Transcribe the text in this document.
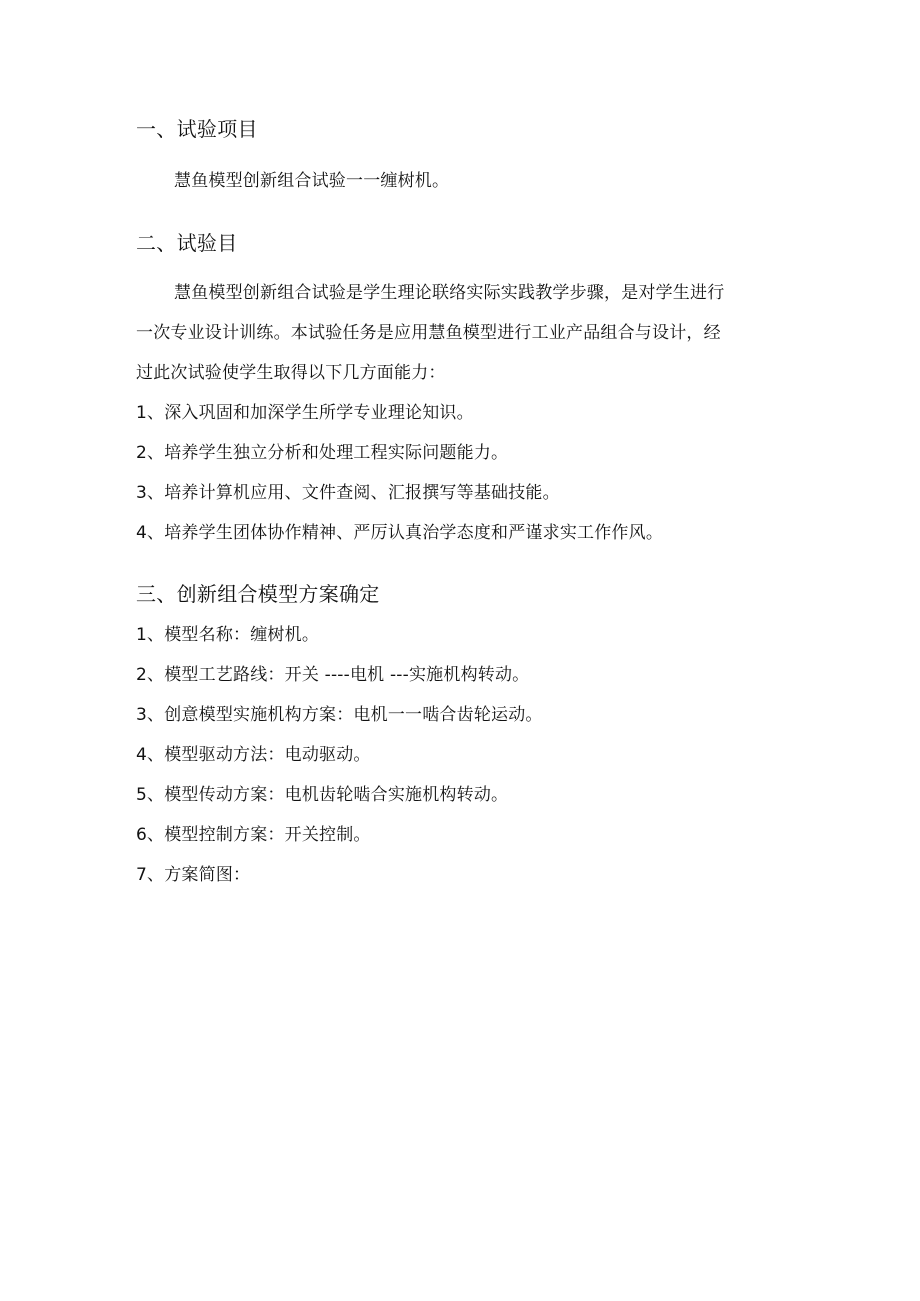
一、试验项目
慧鱼模型创新组合试验一一缠树机。
二、试验目
慧鱼模型创新组合试验是学生理论联络实际实践教学步骤，是对学生进行
一次专业设计训练。本试验任务是应用慧鱼模型进行工业产品组合与设计，经
过此次试验使学生取得以下几方面能力：
1、深入巩固和加深学生所学专业理论知识。
2、培养学生独立分析和处理工程实际问题能力。
3、培养计算机应用、文件查阅、汇报撰写等基础技能。
4、培养学生团体协作精神、严厉认真治学态度和严谨求实工作作风。
三、创新组合模型方案确定
1、模型名称：缠树机。
2、模型工艺路线：开关 ----电机 ---实施机构转动。
3、创意模型实施机构方案：电机一一啮合齿轮运动。
4、模型驱动方法：电动驱动。
5、模型传动方案：电机齿轮啮合实施机构转动。
6、模型控制方案：开关控制。
7、方案简图：
